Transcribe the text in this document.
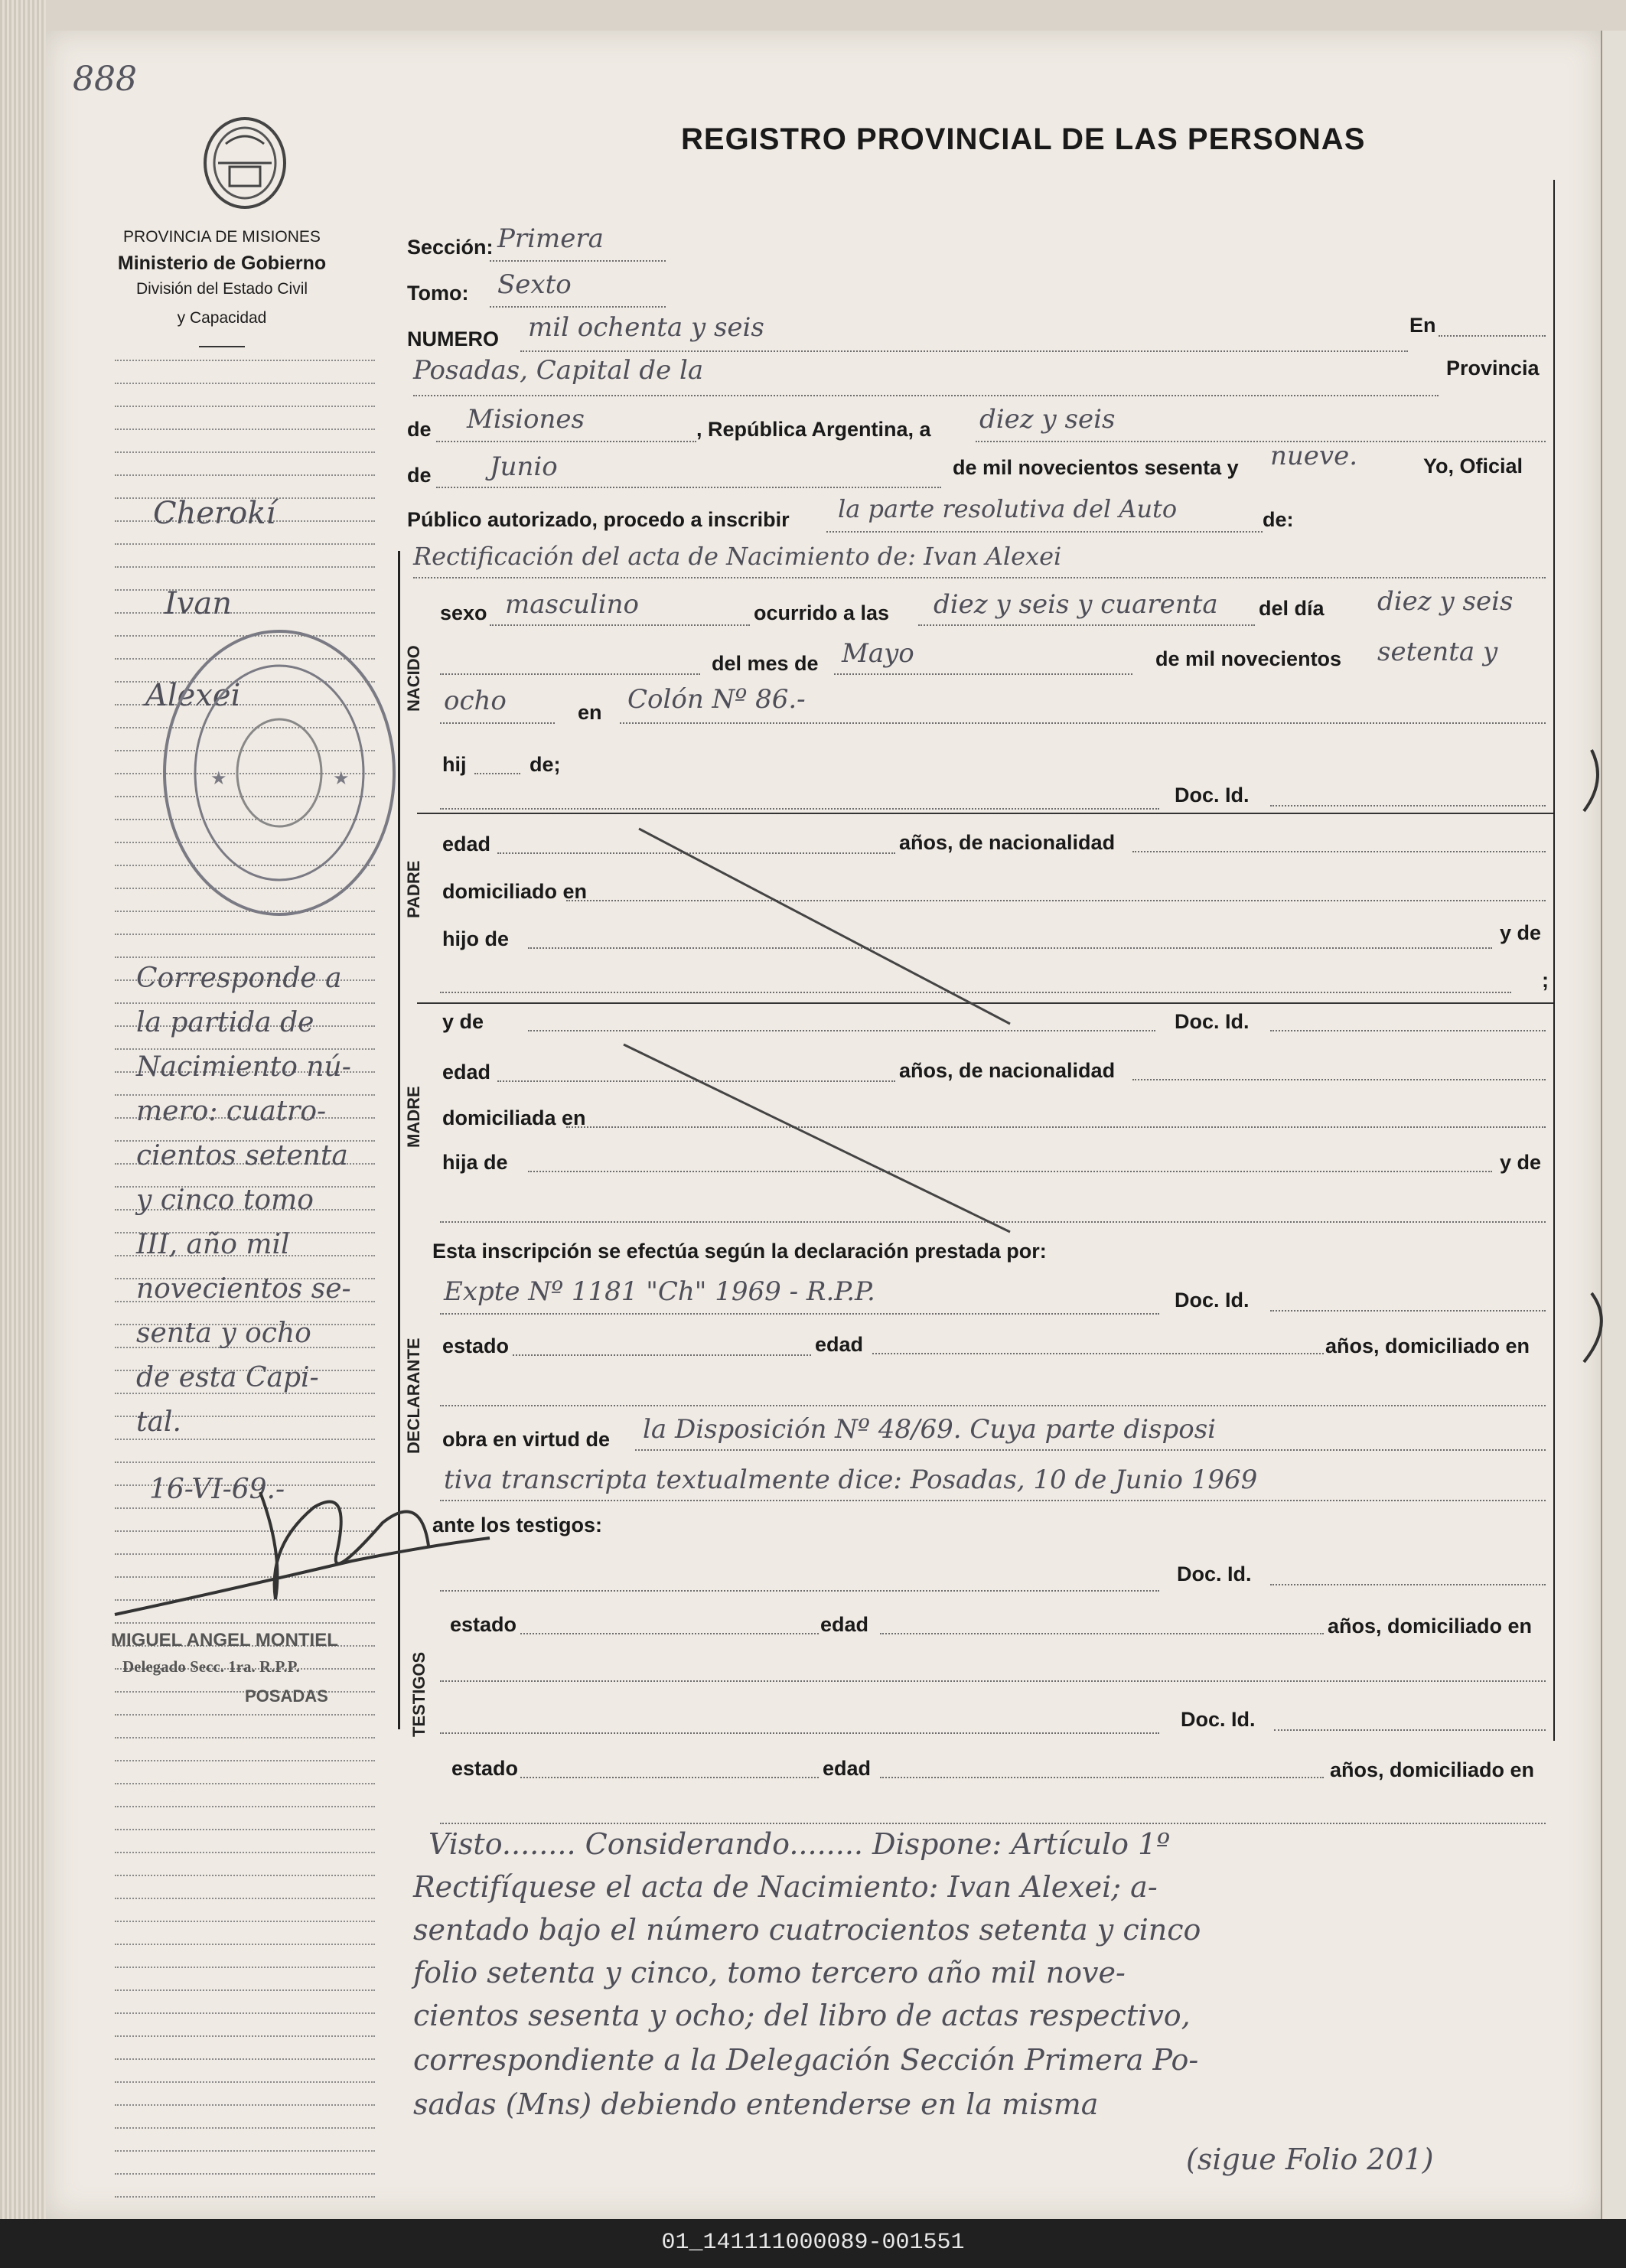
888
REGISTRO PROVINCIAL DE LAS PERSONAS
PROVINCIA DE MISIONES
Ministerio de Gobierno
División del Estado Civil
y Capacidad
Sección: Primera
Tomo: Sexto
NUMERO mil ochenta y seis	En
Posadas, Capital de la	Provincia
de Misiones	, República Argentina, a diez y seis
de Junio	de mil novecientos sesenta y nueve.	Yo, Oficial
Público autorizado, procedo a inscribir la parte resolutiva del Auto	de:
Rectificación del acta de Nacimiento de: Ivan Alexei
NACIDO
sexo masculino	ocurrido a las diez y seis y cuarenta del día diez y seis
del mes de Mayo	de mil novecientos setenta y
ocho	en Colón Nº 86.-
hij	de;
Doc. Id.
PADRE
edad	años, de nacionalidad
domiciliado en
hijo de	y de
;
MADRE
y de	Doc. Id.
edad	años, de nacionalidad
domiciliada en
hija de	y de
Esta inscripción se efectúa según la declaración prestada por:
DECLARANTE
Expte Nº 1181 "Ch" 1969 - R.P.P.	Doc. Id.
estado	edad	años, domiciliado en
obra en virtud de la Disposición Nº 48/69. Cuya parte disposi
tiva transcripta textualmente dice: Posadas, 10 de Junio 1969
ante los testigos:
TESTIGOS
Doc. Id.
estado	edad	años, domiciliado en
Doc. Id.
estado	edad	años, domiciliado en
Visto........ Considerando........ Dispone: Artículo 1º
Rectifíquese el acta de Nacimiento: Ivan Alexei; a-
sentado bajo el número cuatrocientos setenta y cinco
folio setenta y cinco, tomo tercero año mil nove-
cientos sesenta y ocho; del libro de actas respectivo,
correspondiente a la Delegación Sección Primera Po-
sadas (Mns) debiendo entenderse en la misma
(sigue Folio 201)
Cherokí
Ivan
Alexei
★	★
Corresponde a
la partida de
Nacimiento nú-
mero: cuatro-
cientos setenta
y cinco tomo
III, año mil
novecientos se-
senta y ocho
de esta Capi-
tal.
16-VI-69.-
MIGUEL ANGEL MONTIEL
Delegado Secc. 1ra. R.P.P.
POSADAS
01_141111000089-001551
